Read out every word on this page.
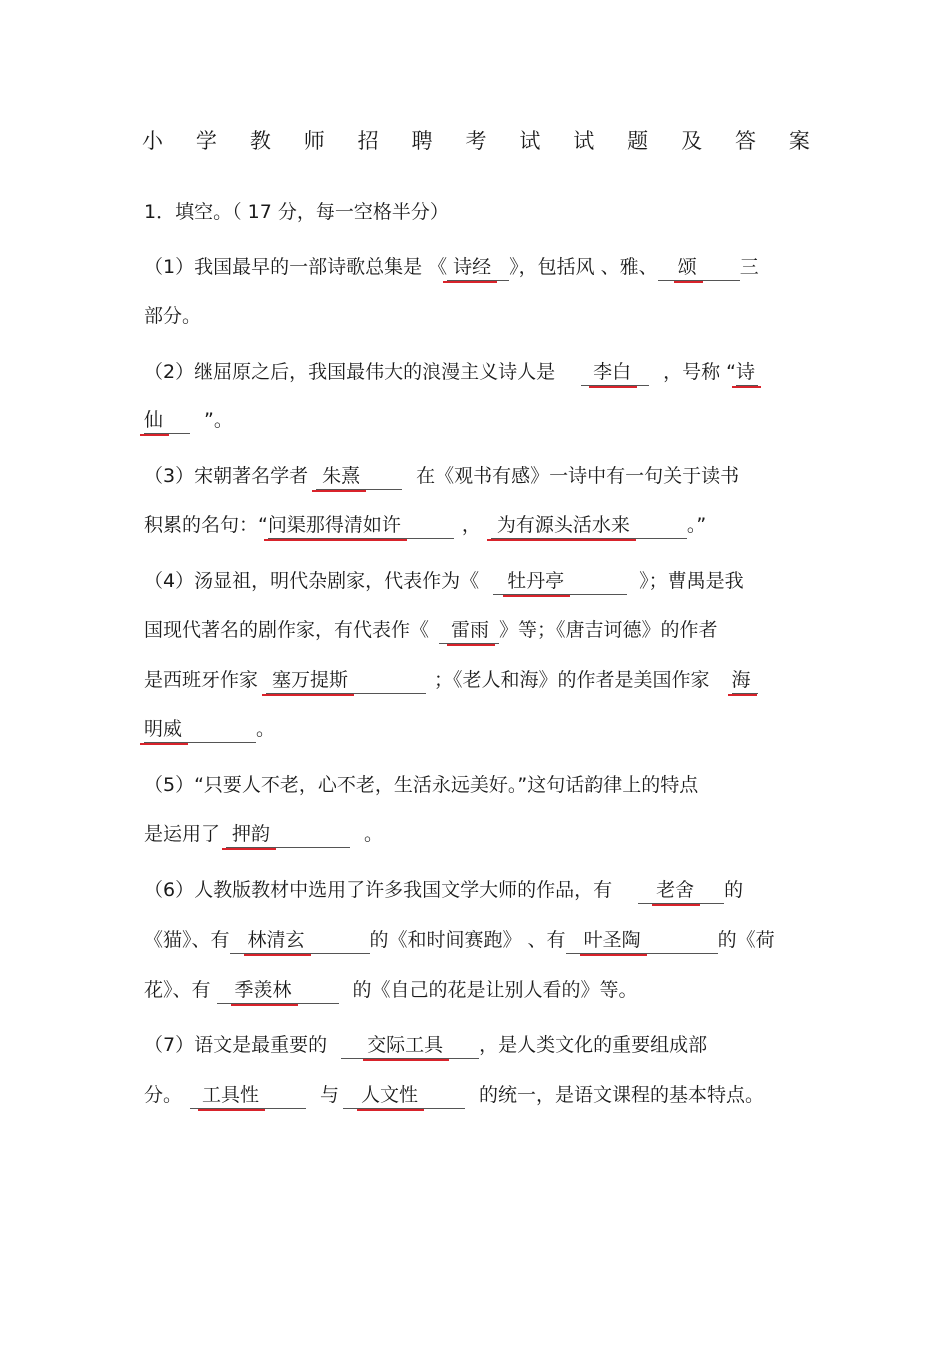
小 学 教 师 招 聘 考 试 试 题 及 答 案
1．填空。（ 17 分，每一空格半分）
（1）我国最早的一部诗歌总集是 《 诗经 》，包括风 、雅、 颂 三
部分。
（2）继屈原之后，我国最伟大的浪漫主义诗人是 李白 ，号称 “诗
仙 ”。
（3）宋朝著名学者 朱熹	在《观书有感》一诗中有一句关于读书
积累的名句：“问渠那得清如许	， 为有源头活水来	。”
（4）汤显祖，明代杂剧家，代表作为《 牡丹亭	》；曹禺是我
国现代著名的剧作家，有代表作《 雷雨 》等；《唐吉诃德》的作者
是西班牙作家 塞万提斯	；《老人和海》的作者是美国作家 海
明威	。
（5）“只要人不老，心不老，生活永远美好。”这句话韵律上的特点
是运用了 押韵	。
（6）人教版教材中选用了许多我国文学大师的作品，有 老舍 的
《猫》、有 林清玄	的《和时间赛跑》 、有 叶圣陶	的《荷
花》、有 季羡林	的《自己的花是让别人看的》等。
（7）语文是最重要的 交际工具 ，是人类文化的重要组成部
分。 工具性	与 人文性	的统一，是语文课程的基本特点。
